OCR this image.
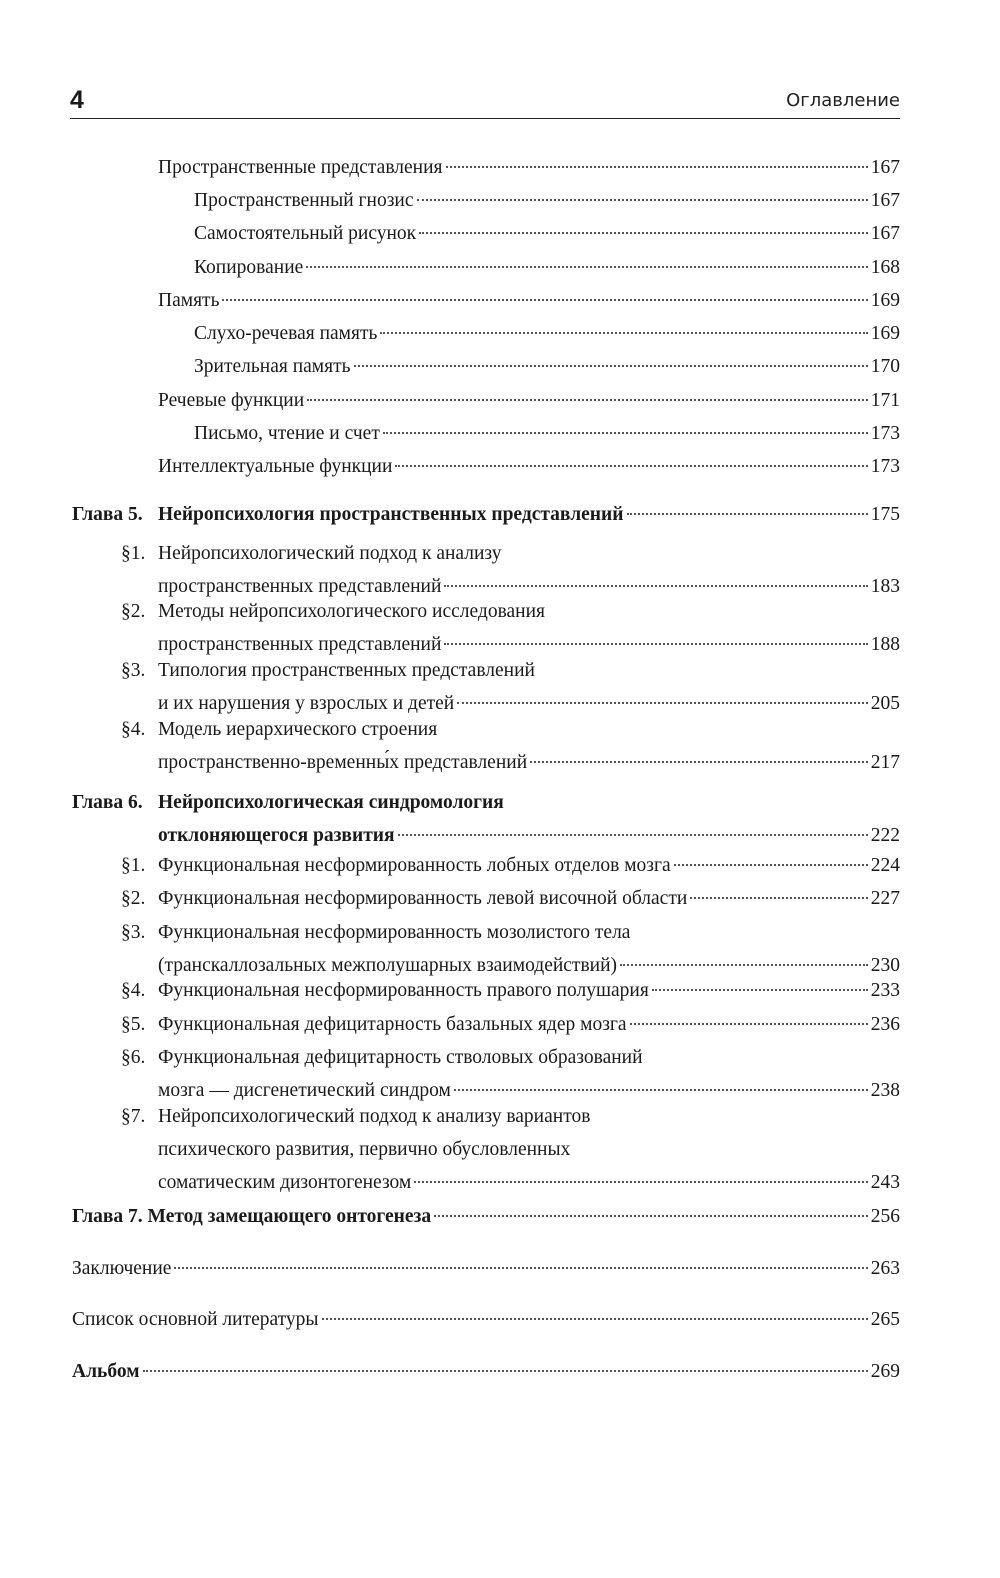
4	Оглавление
Пространственные представления	167
Пространственный гнозис	167
Самостоятельный рисунок	167
Копирование	168
Память	169
Слухо-речевая память	169
Зрительная память	170
Речевые функции	171
Письмо, чтение и счет	173
Интеллектуальные функции	173
Глава 5. Нейропсихология пространственных представлений	175
§1. Нейропсихологический подход к анализу
пространственных представлений	183
§2. Методы нейропсихологического исследования
пространственных представлений	188
§3. Типология пространственных представлений
и их нарушения у взрослых и детей	205
§4. Модель иерархического строения
пространственно-временны́х представлений	217
Глава 6. Нейропсихологическая синдромология
отклоняющегося развития	222
§1. Функциональная несформированность лобных отделов мозга	224
§2. Функциональная несформированность левой височной области	227
§3. Функциональная несформированность мозолистого тела
(транскаллозальных межполушарных взаимодействий)	230
§4. Функциональная несформированность правого полушария	233
§5. Функциональная дефицитарность базальных ядер мозга	236
§6. Функциональная дефицитарность стволовых образований
мозга — дисгенетический синдром	238
§7. Нейропсихологический подход к анализу вариантов
психического развития, первично обусловленных
соматическим дизонтогенезом	243
Глава 7. Метод замещающего онтогенеза	256
Заключение	263
Список основной литературы	265
Альбом	269
